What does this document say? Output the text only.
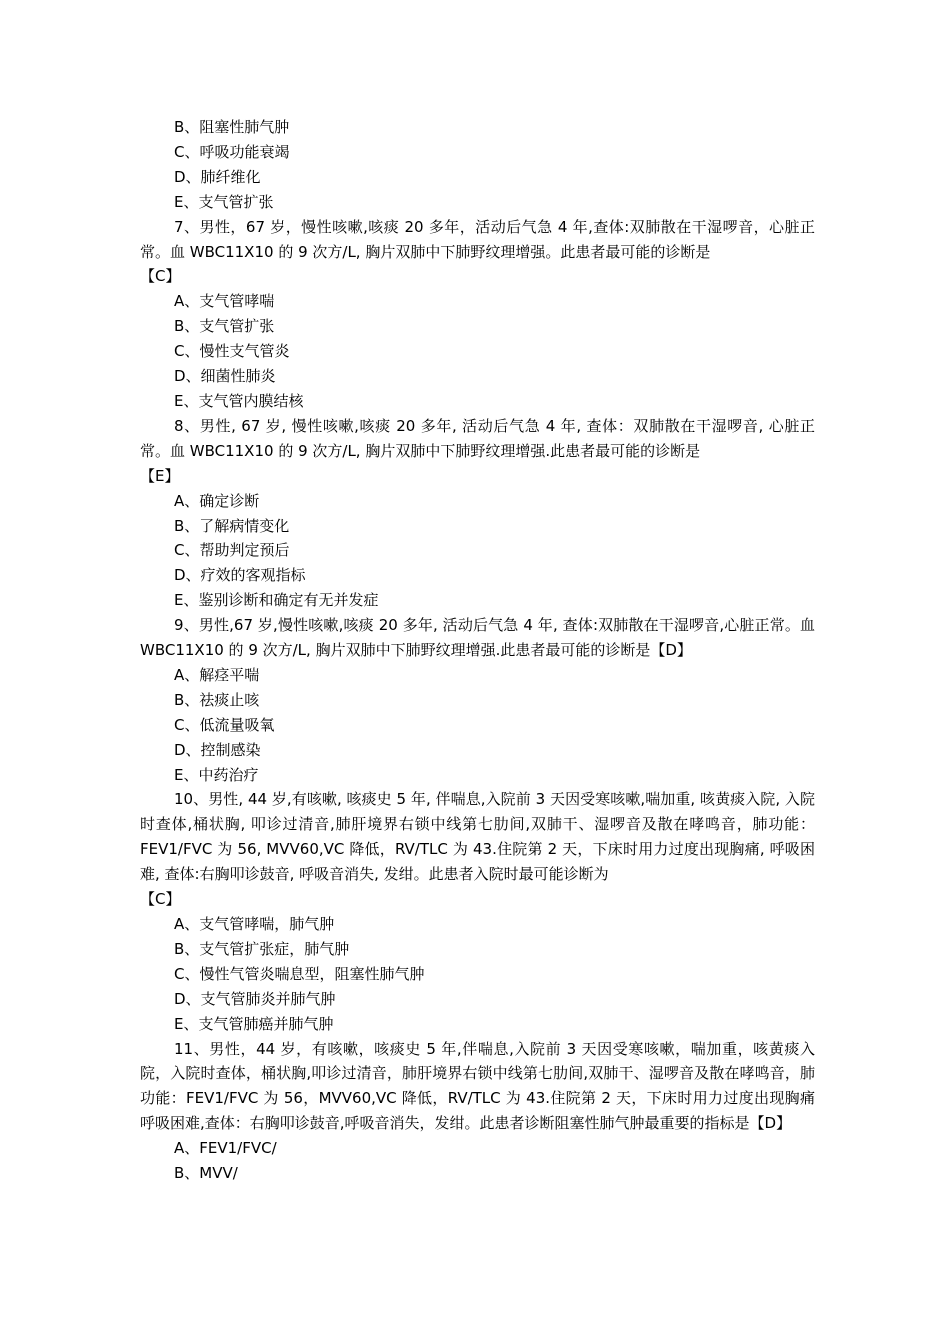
B、阻塞性肺气肿
C、呼吸功能衰竭
D、肺纤维化
E、支气管扩张
7、男性，67 岁，慢性咳嗽,咳痰 20 多年，活动后气急 4 年,查体:双肺散在干湿啰音，心脏正常。血 WBC11X10 的 9 次方/L, 胸片双肺中下肺野纹理增强。此患者最可能的诊断是
【C】
A、支气管哮喘
B、支气管扩张
C、慢性支气管炎
D、细菌性肺炎
E、支气管内膜结核
8、男性, 67 岁, 慢性咳嗽,咳痰 20 多年, 活动后气急 4 年, 查体：双肺散在干湿啰音, 心脏正常。血 WBC11X10 的 9 次方/L, 胸片双肺中下肺野纹理增强.此患者最可能的诊断是
【E】
A、确定诊断
B、了解病情变化
C、帮助判定预后
D、疗效的客观指标
E、鉴别诊断和确定有无并发症
9、男性,67 岁,慢性咳嗽,咳痰 20 多年, 活动后气急 4 年, 查体:双肺散在干湿啰音,心脏正常。血 WBC11X10 的 9 次方/L, 胸片双肺中下肺野纹理增强.此患者最可能的诊断是【D】
A、解痉平喘
B、祛痰止咳
C、低流量吸氧
D、控制感染
E、中药治疗
10、男性, 44 岁,有咳嗽, 咳痰史 5 年, 伴喘息,入院前 3 天因受寒咳嗽,喘加重, 咳黄痰入院, 入院时查体,桶状胸, 叩诊过清音,肺肝境界右锁中线第七肋间,双肺干、湿啰音及散在哮鸣音，肺功能：FEV1/FVC 为 56, MVV60,VC 降低，RV/TLC 为 43.住院第 2 天，下床时用力过度出现胸痛, 呼吸困难, 查体:右胸叩诊鼓音, 呼吸音消失, 发绀。此患者入院时最可能诊断为
【C】
A、支气管哮喘，肺气肿
B、支气管扩张症，肺气肿
C、慢性气管炎喘息型，阻塞性肺气肿
D、支气管肺炎并肺气肿
E、支气管肺癌并肺气肿
11、男性，44 岁，有咳嗽，咳痰史 5 年,伴喘息,入院前 3 天因受寒咳嗽，喘加重，咳黄痰入院，入院时查体，桶状胸,叩诊过清音，肺肝境界右锁中线第七肋间,双肺干、湿啰音及散在哮鸣音，肺功能：FEV1/FVC 为 56，MVV60,VC 降低，RV/TLC 为 43.住院第 2 天，下床时用力过度出现胸痛呼吸困难,查体：右胸叩诊鼓音,呼吸音消失，发绀。此患者诊断阻塞性肺气肿最重要的指标是【D】
A、FEV1/FVC/
B、MVV/
